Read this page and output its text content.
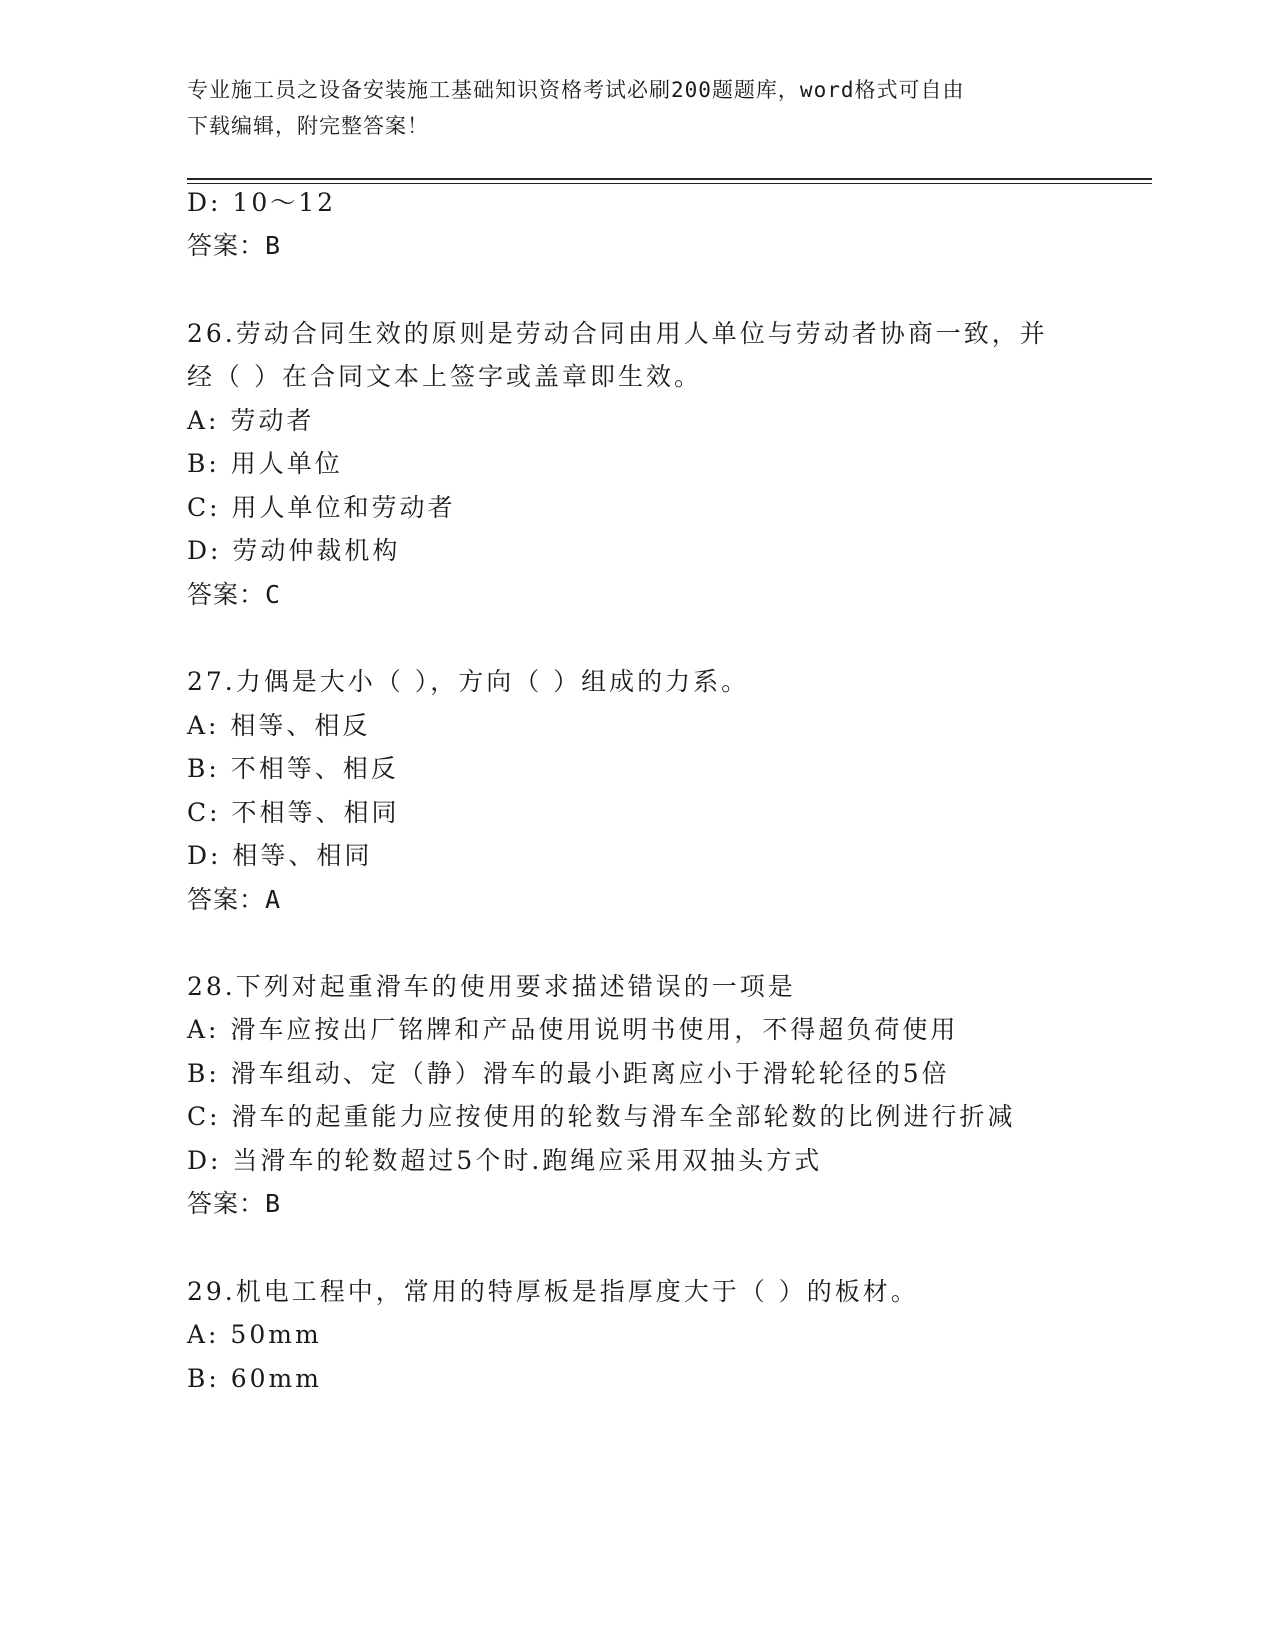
专业施工员之设备安装施工基础知识资格考试必刷200题题库，word格式可自由
下载编辑，附完整答案！
D: 10～12
答案：B
26.劳动合同生效的原则是劳动合同由用人单位与劳动者协商一致，并
经（ ）在合同文本上签字或盖章即生效。
A: 劳动者
B: 用人单位
C: 用人单位和劳动者
D: 劳动仲裁机构
答案：C
27.力偶是大小（ ），方向（ ）组成的力系。
A: 相等、相反
B: 不相等、相反
C: 不相等、相同
D: 相等、相同
答案：A
28.下列对起重滑车的使用要求描述错误的一项是
A: 滑车应按出厂铭牌和产品使用说明书使用，不得超负荷使用
B: 滑车组动、定（静）滑车的最小距离应小于滑轮轮径的5倍
C: 滑车的起重能力应按使用的轮数与滑车全部轮数的比例进行折减
D: 当滑车的轮数超过5个时.跑绳应采用双抽头方式
答案：B
29.机电工程中，常用的特厚板是指厚度大于（ ）的板材。
A: 50mm
B: 60mm
